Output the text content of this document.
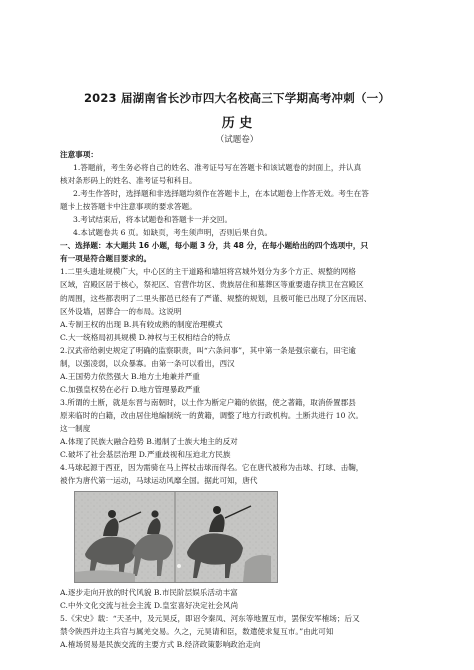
2023 届湖南省长沙市四大名校高三下学期高考冲刺（一）
历 史
（试题卷）
注意事项：
1.答题前，考生务必将自己的姓名、准考证号写在答题卡和该试题卷的封面上，并认真
核对条形码上的姓名、准考证号和科目。
2.考生作答时，选择题和非选择题均须作在答题卡上，在本试题卷上作答无效。考生在答
题卡上按答题卡中注意事项的要求答题。
3.考试结束后，将本试题卷和答题卡一并交回。
4.本试题卷共 6 页。如缺页，考生须声明，否则后果自负。
一、选择题：本大题共 16 小题，每小题 3 分，共 48 分，在每小题给出的四个选项中，只
有一项是符合题目要求的。
1.二里头遗址规模广大，中心区的主干道路和墙垣将宫城外划分为多个方正、规整的网格
区域，宫殿区居于核心，祭祀区、官营作坊区、贵族居住和墓葬区等重要遗存拱卫在宫殿区
的周围，这些都表明了二里头都邑已经有了严谨、规整的规划，且极可能已出现了分区而居、
区外设墙，居葬合一的布局。这说明
A.专制王权的出现 B.具有较成熟的制度治理模式
C.大一统格局初具规模 D.神权与王权相结合的特点
2.汉武帝给刺史规定了明确的监察职责，叫“六条问事”，其中第一条是强宗豪右，田宅逾
制，以强凌弱，以众暴寡。由第一条可以看出，西汉
A.王国势力依然强大 B.地方土地兼并严重
C.加强皇权势在必行 D.地方管理暴政严重
3.所谓的土断，就是东晋与南朝时，以土作为断定户籍的依据，使之著籍，取消侨置郡县
原来临时的白籍，改由居住地编制统一的黄籍，调整了地方行政机构。土断共进行 10 次。
这一制度
A.体现了民族大融合趋势 B.遏制了士族大地主的反对
C.破坏了社会基层治理 D.严重歧视和压迫北方民族
4.马球起源于西亚，因为需骑在马上挥杖击球而得名。它在唐代被称为击球、打球、击鞠，
被作为唐代第一运动，马球运动风靡全国。据此可知，唐代
A.逐步走向开放的时代风貌 B.市民阶层娱乐活动丰富
C.中外文化交流与社会主流 D.皇室喜好决定社会风尚
5.《宋史》载：“天圣中，及元昊反，即诏令秦凤、河东等地置互市，罢保安军榷场；后又
禁令陕西并边主兵官与属羌交易。久之，元昊请和臣，数遣使求复互市。”由此可知
A.榷场贸易是民族交流的主要方式 B.经济政策影响政治走向
